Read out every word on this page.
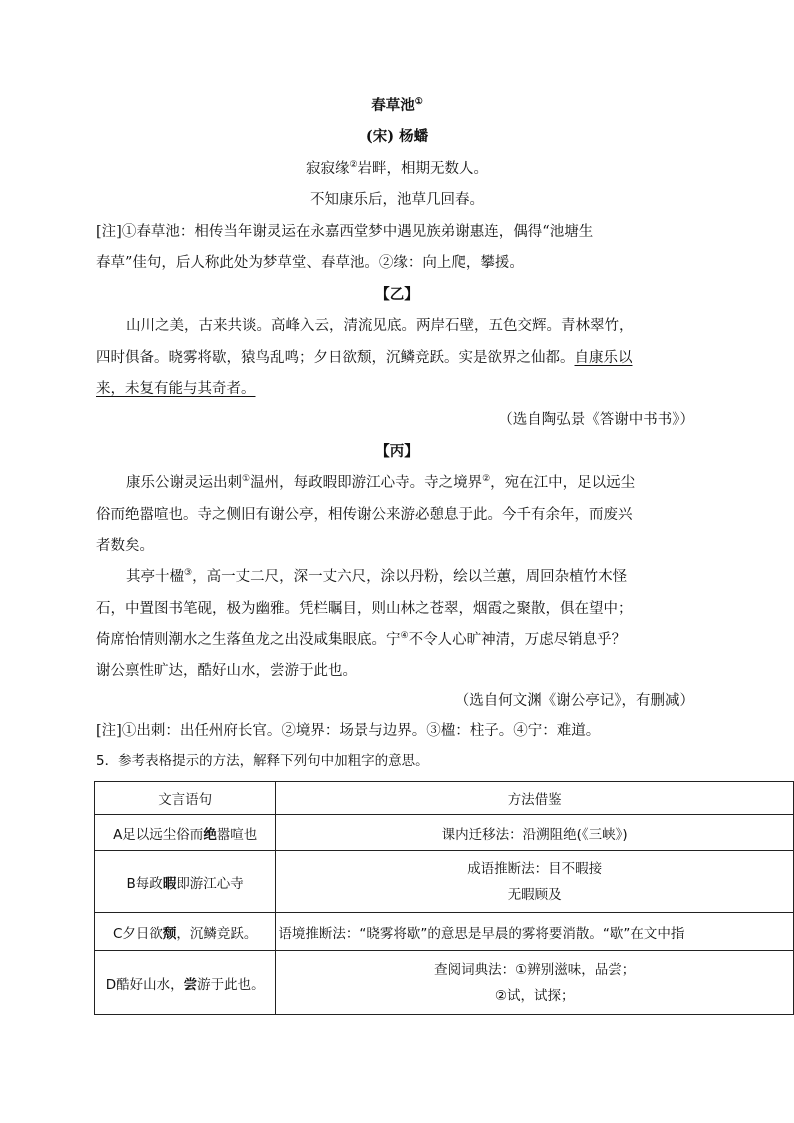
春草池①
(宋) 杨蟠
寂寂缘②岩畔，相期无数人。
不知康乐后，池草几回春。
[注]①春草池：相传当年谢灵运在永嘉西堂梦中遇见族弟谢惠连，偶得“池塘生
春草”佳句，后人称此处为梦草堂、春草池。②缘：向上爬，攀援。
【乙】
山川之美，古来共谈。高峰入云，清流见底。两岸石壁，五色交辉。青林翠竹，
四时俱备。晓雾将歇，猿鸟乱鸣；夕日欲颓，沉鳞竞跃。实是欲界之仙都。自康乐以
来，未复有能与其奇者。
（选自陶弘景《答谢中书书》）
【丙】
康乐公谢灵运出刺①温州，每政暇即游江心寺。寺之境界②，宛在江中，足以远尘
俗而绝嚣喧也。寺之侧旧有谢公亭，相传谢公来游必憩息于此。今千有余年，而废兴
者数矣。
其亭十楹③，高一丈二尺，深一丈六尺，涂以丹粉，绘以兰蕙，周回杂植竹木怪
石，中置图书笔砚，极为幽雅。凭栏瞩目，则山林之苍翠，烟霞之聚散，俱在望中；
倚席怡情则潮水之生落鱼龙之出没咸集眼底。宁④不令人心旷神清，万虑尽销息乎？
谢公禀性旷达，酷好山水，尝游于此也。
（选自何文渊《谢公亭记》，有删减）
[注]①出刺：出任州府长官。②境界：场景与边界。③楹：柱子。④宁：难道。
5．参考表格提示的方法，解释下列句中加粗字的意思。
文言语句	方法借鉴
A足以远尘俗而绝嚣喧也	课内迁移法：沿溯阻绝(《三峡》)
B每政暇即游江心寺	成语推断法：目不暇接
无暇顾及

C夕日欲颓，沉鳞竞跃。	语境推断法：“晓雾将歇”的意思是早晨的雾将要消散。“歇”在文中指
D酷好山水，尝游于此也。	查阅词典法：①辨别滋味，品尝；
②试，试探；
